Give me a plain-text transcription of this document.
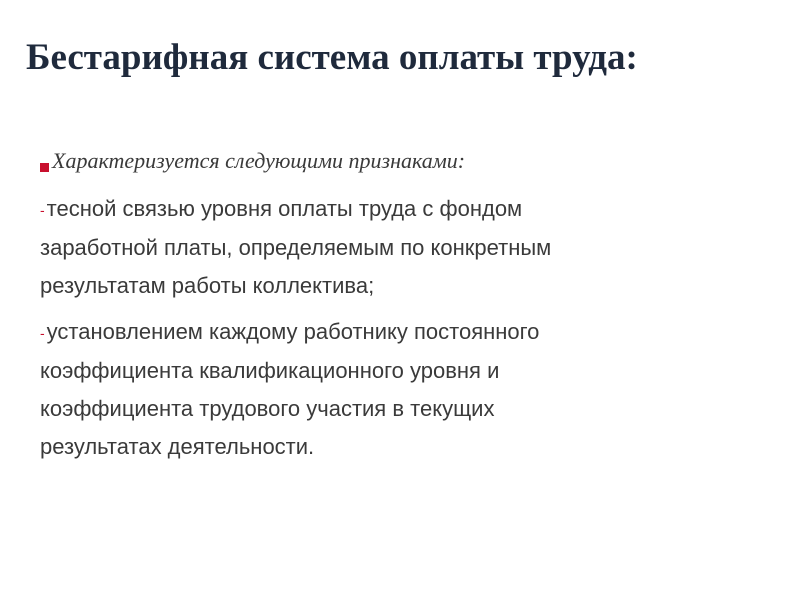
Бестарифная система оплаты труда:
Характеризуется следующими признаками:
-тесной связью уровня оплаты труда с фондом
заработной платы, определяемым по конкретным
результатам работы коллектива;
-установлением каждому работнику постоянного
коэффициента квалификационного уровня и
коэффициента трудового участия в текущих
результатах деятельности.
